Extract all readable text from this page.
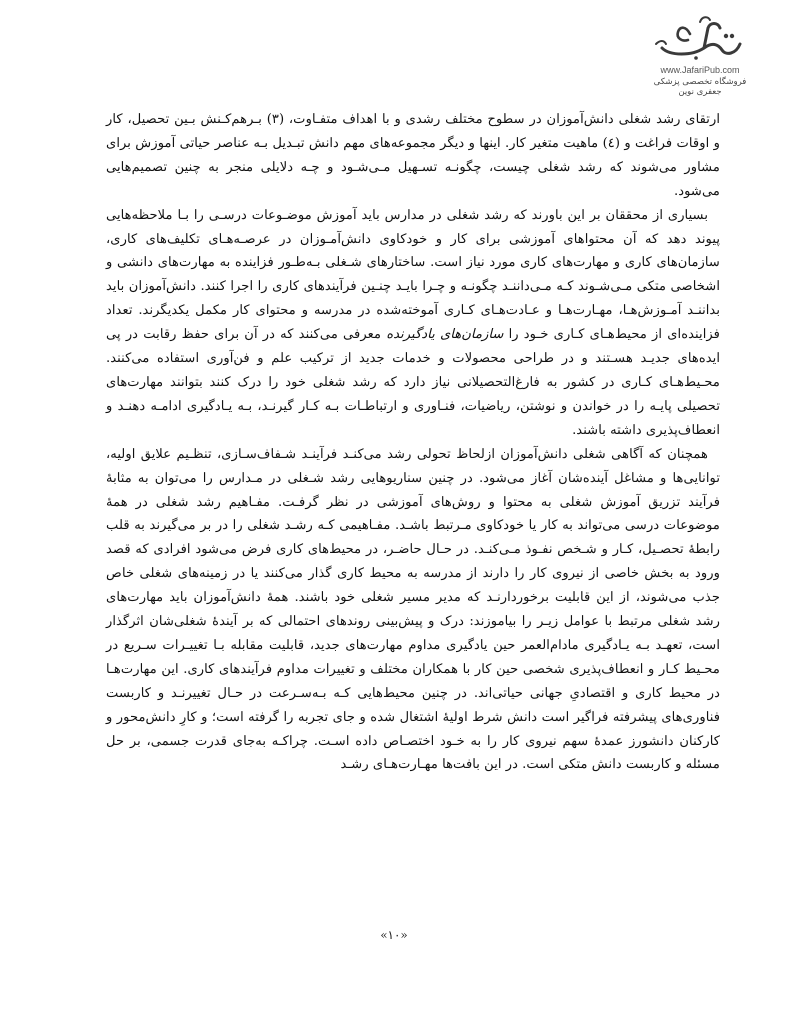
www.JafariPub.com
فروشگاه تخصصی پزشکی جعفری نوین

ارتقای رشد شغلی دانش‌آموزان در سطوح مختلف رشدی و با اهداف متفـاوت، (۳) بـرهم‌کـنش بـین تحصیل، کار و اوقات فراغت و (٤) ماهیت متغیر کار. اینها و دیگر مجموعه‌های مهم دانش تبـدیل بـه عناصر حیاتی آموزش برای مشاور می‌شوند که رشد شغلی چیست، چگونـه تسـهیل مـی‌شـود و چـه دلایلی منجر به چنین تصمیم‌هایی می‌شود.

بسیاری از محققان بر این باورند که رشد شغلی در مدارس باید آموزش موضـوعات درسـی را بـا ملاحظه‌هایی پیوند دهد که آن محتواهای آموزشی برای کار و خودکاوی دانش‌آمـوزان در عرصـه‌هـای تکلیف‌های کاری، سازمان‌های کاری و مهارت‌های کاری مورد نیاز است. ساختارهای شـغلی بـه‌طـور فزاینده به مهارت‌های دانشی و اشخاصی متکی مـی‌شـوند کـه مـی‌داننـد چگونـه و چـرا بایـد چنـین فرآیندهای کاری را اجرا کنند. دانش‌آموزان باید بداننـد آمـوزش‌هـا، مهـارت‌هـا و عـادت‌هـای کـاری آموخته‌شده در مدرسه و محتوای کار مکمل یکدیگرند. تعداد فزاینده‌ای از محیط‌هـای کـاری خـود را سازمان‌های یادگیرنده معرفی می‌کنند که در آن برای حفظ رقابت در پی ایده‌های جدیـد هسـتند و در طراحی محصولات و خدمات جدید از ترکیب علم و فن‌آوری استفاده می‌کنند. محـیط‌هـای کـاری در کشور به فارغ‌التحصیلانی نیاز دارد که رشد شغلی خود را درک کنند بتوانند مهارت‌های تحصیلی پایـه را در خواندن و نوشتن، ریاضیات، فنـاوری و ارتباطـات بـه کـار گیرنـد، بـه یـادگیری ادامـه دهنـد و انعطاف‌پذیری داشته باشند.

همچنان که آگاهی شغلی دانش‌آموزان ازلحاظ تحولی رشد می‌کنـد فرآینـد شـفاف‌سـازی، تنظـیم علایق اولیه، توانایی‌ها و مشاغل آینده‌شان آغاز می‌شود. در چنین سناریوهایی رشد شـغلی در مـدارس را می‌توان به مثابهٔ فرآیند تزریق آموزش شغلی به محتوا و روش‌های آموزشی در نظر گرفـت. مفـاهیم رشد شغلی در همهٔ موضوعات درسی می‌تواند به کار یا خودکاوی مـرتبط باشـد. مفـاهیمی کـه رشـد شغلی را در بر می‌گیرند به قلب رابطهٔ تحصـیل، کـار و شـخص نفـوذ مـی‌کنـد. در حـال حاضـر، در محیط‌های کاری فرض می‌شود افرادی که قصد ورود به بخش خاصی از نیروی کار را دارند از مدرسه به محیط کاری گذار می‌کنند یا در زمینه‌های شغلی خاص جذب می‌شوند، از این قابلیت برخوردارنـد که مدیر مسیر شغلی خود باشند. همهٔ دانش‌آموزان باید مهارت‌های رشد شغلی مرتبط با عوامل زیـر را بیاموزند: درک و پیش‌بینی روندهای احتمالی که بر آیندهٔ شغلی‌شان اثرگذار است، تعهـد بـه یـادگیری مادام‌العمر حین یادگیری مداوم مهارت‌های جدید، قابلیت مقابله بـا تغییـرات سـریع در محـیط کـار و انعطاف‌پذیری شخصی حین کار با همکاران مختلف و تغییرات مداوم فرآیندهای کاری. این مهارت‌هـا در محیط کاری و اقتصادیِ جهانی حیاتی‌اند. در چنین محیط‌هایی کـه بـه‌سـرعت در حـال تغییرنـد و کاربست فناوری‌های پیشرفته فراگیر است دانش شرط اولیهٔ اشتغال شده و جای تجربه را گرفته است؛ و کارِ دانش‌محور و کارکنان دانشورز عمدهٔ سهم نیروی کار را به خـود اختصـاص داده اسـت. چراکـه به‌جای قدرت جسمی، بر حل مسئله و کاربست دانش متکی است. در این بافت‌ها مهـارت‌هـای رشـد

«۱۰»
